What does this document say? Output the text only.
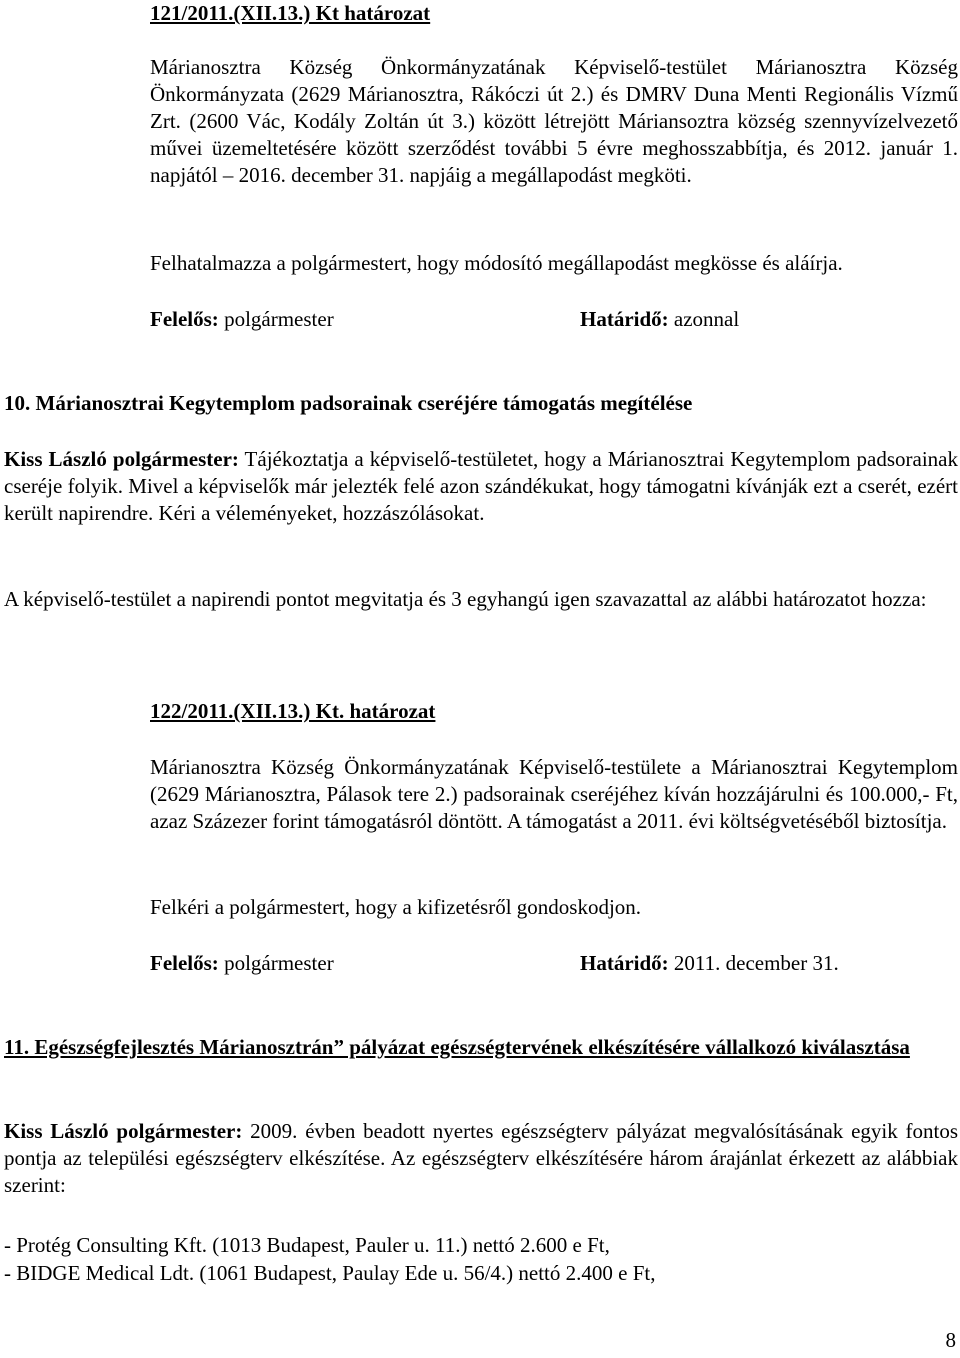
121/2011.(XII.13.) Kt határozat

Márianosztra Község Önkormányzatának Képviselő-testület Márianosztra Község Önkormányzata (2629 Márianosztra, Rákóczi út 2.) és DMRV Duna Menti Regionális Vízmű Zrt. (2600 Vác, Kodály Zoltán út 3.) között létrejött Máriansoztra község szennyvízelvezető művei üzemeltetésére között szerződést további 5 évre meghosszabbítja, és 2012. január 1. napjától – 2016. december 31. napjáig a megállapodást megköti.

Felhatalmazza a polgármestert, hogy módosító megállapodást megkösse és aláírja.

Felelős: polgármester	Határidő: azonnal
10. Márianosztrai Kegytemplom padsorainak cseréjére támogatás megítélése

Kiss László polgármester: Tájékoztatja a képviselő-testületet, hogy a Márianosztrai Kegytemplom padsorainak cseréje folyik. Mivel a képviselők már jelezték felé azon szándékukat, hogy támogatni kívánják ezt a cserét, ezért került napirendre. Kéri a véleményeket, hozzászólásokat.

A képviselő-testület a napirendi pontot megvitatja és 3 egyhangú igen szavazattal az alábbi határozatot hozza:

122/2011.(XII.13.) Kt. határozat

Márianosztra Község Önkormányzatának Képviselő-testülete a Márianosztrai Kegytemplom (2629 Márianosztra, Pálasok tere 2.) padsorainak cseréjéhez kíván hozzájárulni és 100.000,- Ft, azaz Százezer forint támogatásról döntött. A támogatást a 2011. évi költségvetéséből biztosítja.

Felkéri a polgármestert, hogy a kifizetésről gondoskodjon.

Felelős: polgármester	Határidő: 2011. december 31.
11. Egészségfejlesztés Márianosztrán” pályázat egészségtervének elkészítésére vállalkozó kiválasztása

Kiss László polgármester: 2009. évben beadott nyertes egészségterv pályázat megvalósításának egyik fontos pontja az települési egészségterv elkészítése. Az egészségterv elkészítésére három árajánlat érkezett az alábbiak szerint:

- Protég Consulting Kft. (1013 Budapest, Pauler u. 11.) nettó 2.600 e Ft,
- BIDGE Medical Ldt. (1061 Budapest, Paulay Ede u. 56/4.) nettó 2.400 e Ft,
8
